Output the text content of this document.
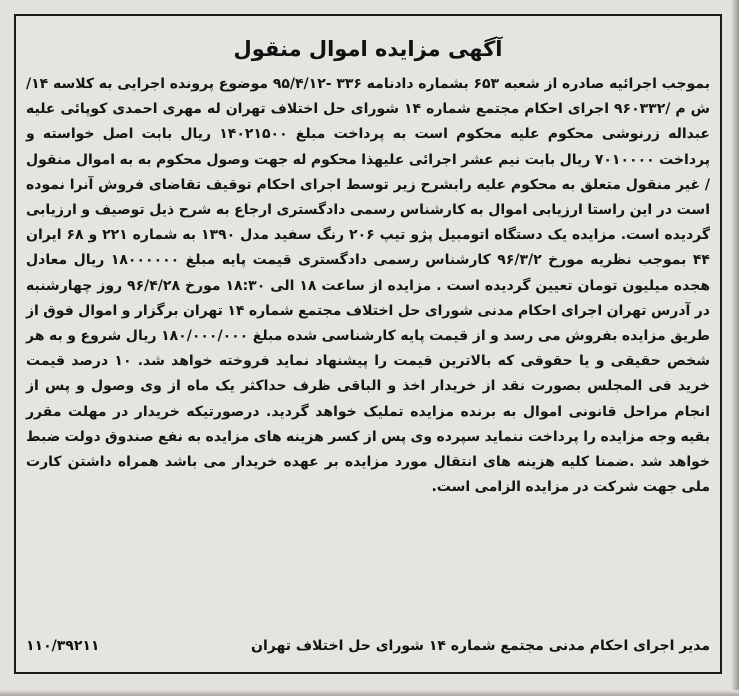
آگهی مزایده اموال منقول

بموجب اجرائیه صادره از شعبه ۶۵۳ بشماره دادنامه ۳۳۶ -۹۵/۴/۱۲ موضوع پرونده اجرایی به کلاسه ۱۴/ش م /۹۶۰۳۳۲ اجرای احکام مجتمع شماره ۱۴ شورای حل اختلاف تهران له مهری احمدی کوپائی علیه عبداله زرنوشی محکوم علیه محکوم است به پرداخت مبلغ ۱۴۰۲۱۵۰۰ ریال بابت اصل خواسته و پرداخت ۷۰۱۰۰۰۰ ریال بابت نیم عشر اجرائی علیهذا محکوم له جهت وصول محکوم به به اموال منقول / غیر منقول متعلق به محکوم علیه رابشرح زیر توسط اجرای احکام توقیف تقاضای فروش آنرا نموده است در این راستا ارزیابی اموال به کارشناس رسمی دادگستری ارجاع به شرح ذیل توصیف و ارزیابی گردیده است. مزایده یک دستگاه اتومبیل پژو تیپ ۲۰۶ رنگ سفید مدل ۱۳۹۰ به شماره ۲۲۱ و ۶۸ ایران ۴۴ بموجب نظریه مورخ ۹۶/۳/۲ کارشناس رسمی دادگستری قیمت پایه مبلغ ۱۸۰۰۰۰۰۰ ریال معادل هجده میلیون تومان تعیین گردیده است . مزایده از ساعت ۱۸ الی ۱۸:۳۰ مورخ ۹۶/۴/۲۸ روز چهارشنبه در آدرس تهران اجرای احکام مدنی شورای حل اختلاف مجتمع شماره ۱۴ تهران برگزار و اموال فوق از طریق مزایده بفروش می رسد و از قیمت پایه کارشناسی شده مبلغ ۱۸۰/۰۰۰/۰۰۰ ریال شروع و به هر شخص حقیقی و یا حقوقی که بالاترین قیمت را پیشنهاد نماید فروخته خواهد شد. ۱۰ درصد قیمت خرید فی المجلس بصورت نقد از خریدار اخذ و الباقی ظرف حداکثر یک ماه از وی وصول و پس از انجام مراحل قانونی اموال به برنده مزایده تملیک خواهد گردید. درصورتیکه خریدار در مهلت مقرر بقیه وجه مزایده را پرداخت ننماید سپرده وی پس از کسر هزینه های مزایده به نفع صندوق دولت ضبط خواهد شد .ضمنا کلیه هزینه های انتقال مورد مزایده بر عهده خریدار می باشد همراه داشتن کارت ملی جهت شرکت در مزایده الزامی است.

مدیر اجرای احکام مدنی مجتمع شماره ۱۴ شورای حل اختلاف تهران
۱۱۰/۳۹۲۱۱
